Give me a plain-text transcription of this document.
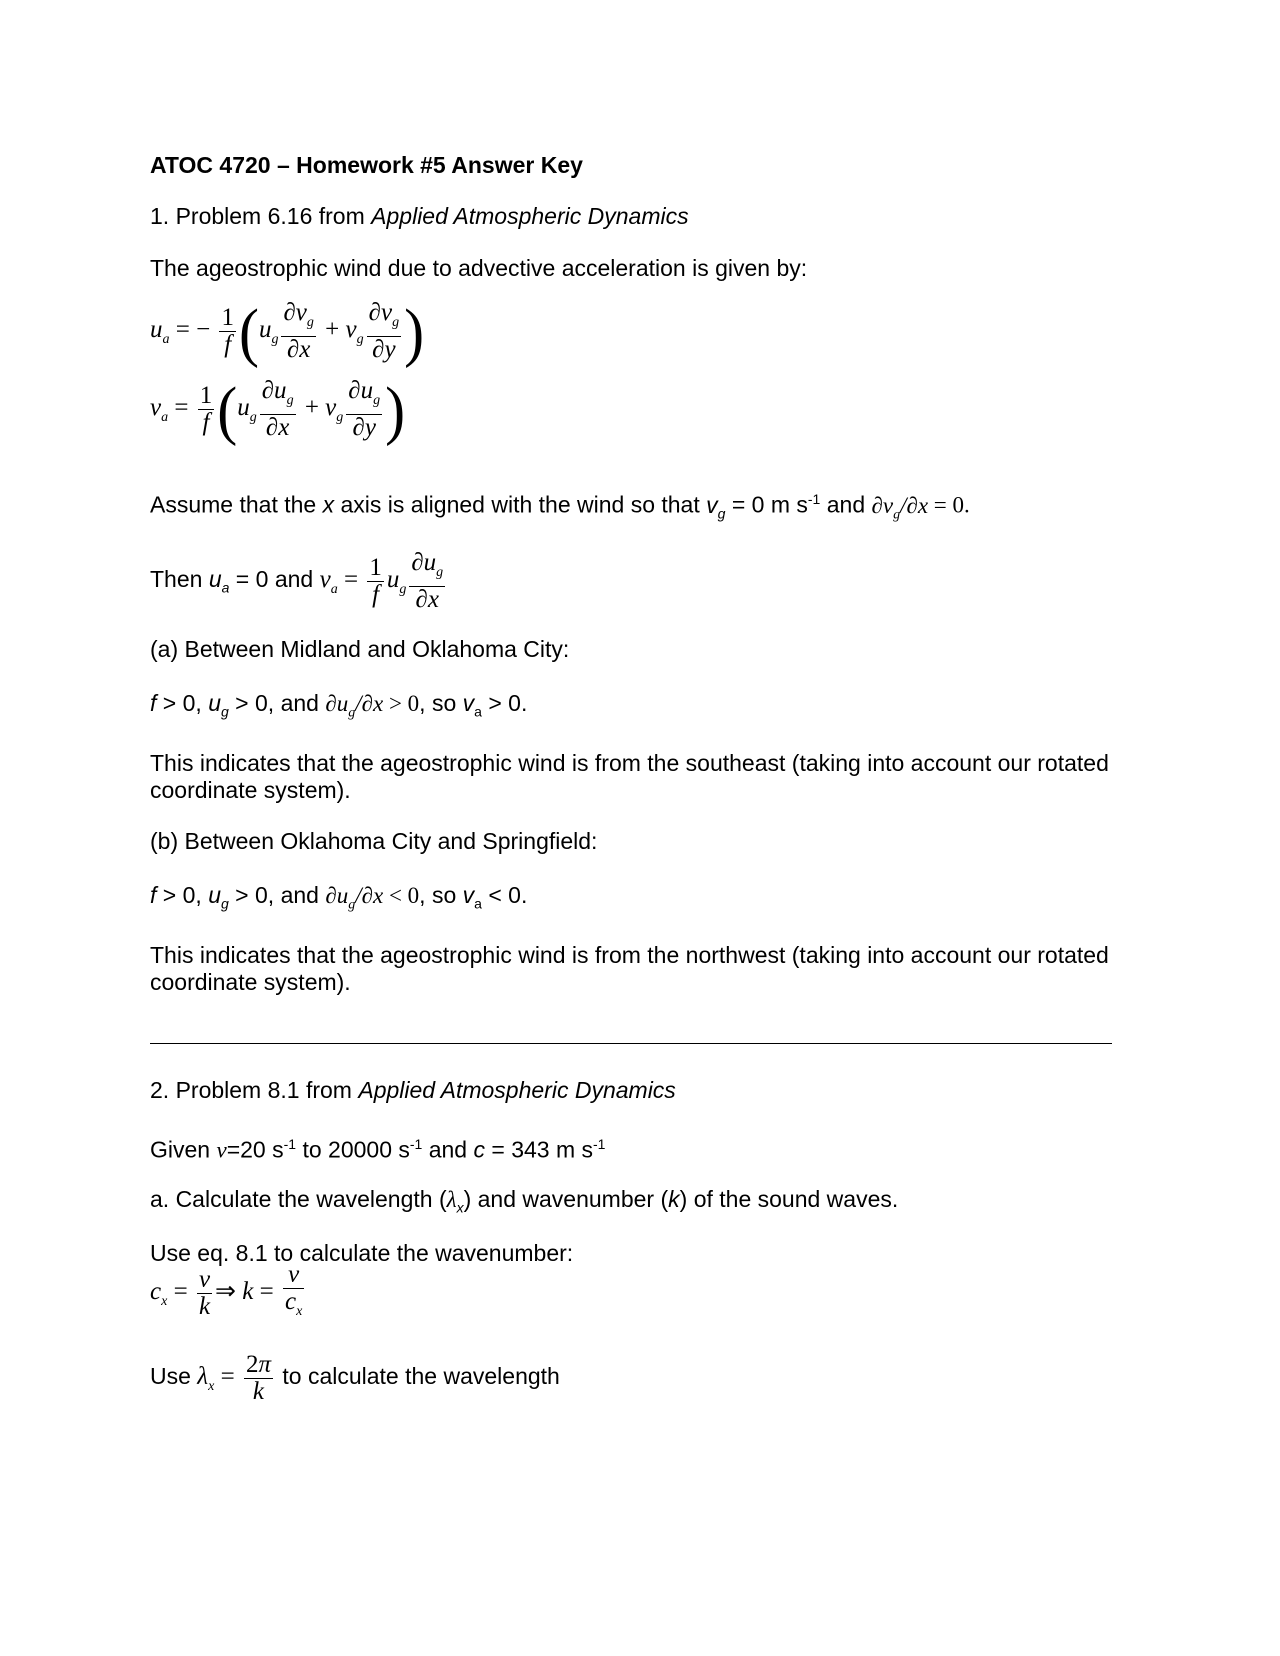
ATOC 4720 – Homework #5 Answer Key
1. Problem 6.16 from Applied Atmospheric Dynamics
The ageostrophic wind due to advective acceleration is given by:
$u_a$ = − $\frac{1}{f} (u_g \frac{\partial v_g}{\partial x} + v_g \frac{\partial v_g}{\partial y}$ )
$v_a = \frac{1}{f} (u_g \frac{\partial u_g}{\partial x} + v_g \frac{\partial u_g}{\partial y}$ )
Assume that the x axis is aligned with the wind so that $v_g = 0$ m $s^{-1}$ and $\partial v_g/\partial x = 0$.
Then $u_a = 0$ and $v_a = \frac{1}{f} u_g \frac{\partial u_g}{\partial x}$
(a) Between Midland and Oklahoma City:
f > 0, $u_g > 0$, and $\partial u_g/\partial x > 0$, so $v_a > 0$.
This indicates that the ageostrophic wind is from the southeast (taking into account our rotated coordinate system).
(b) Between Oklahoma City and Springfield:
f > 0, $u_g > 0$, and $\partial u_g/\partial x < 0$, so $v_a < 0$.
This indicates that the ageostrophic wind is from the northwest (taking into account our rotated coordinate system).
2. Problem 8.1 from Applied Atmospheric Dynamics
Given ν=20 $s^{-1}$ to 20000 $s^{-1}$ and c = 343 m $s^{-1}$
a. Calculate the wavelength $(\lambda_x)$ and wavenumber (k) of the sound waves.
Use eq. 8.1 to calculate the wavenumber:
$c_x = \frac{\nu}{k}$ ⇒ $k = \frac{\nu}{c_x}$
Use $\lambda_x = \frac{2\pi}{k}$ to calculate the wavelength
